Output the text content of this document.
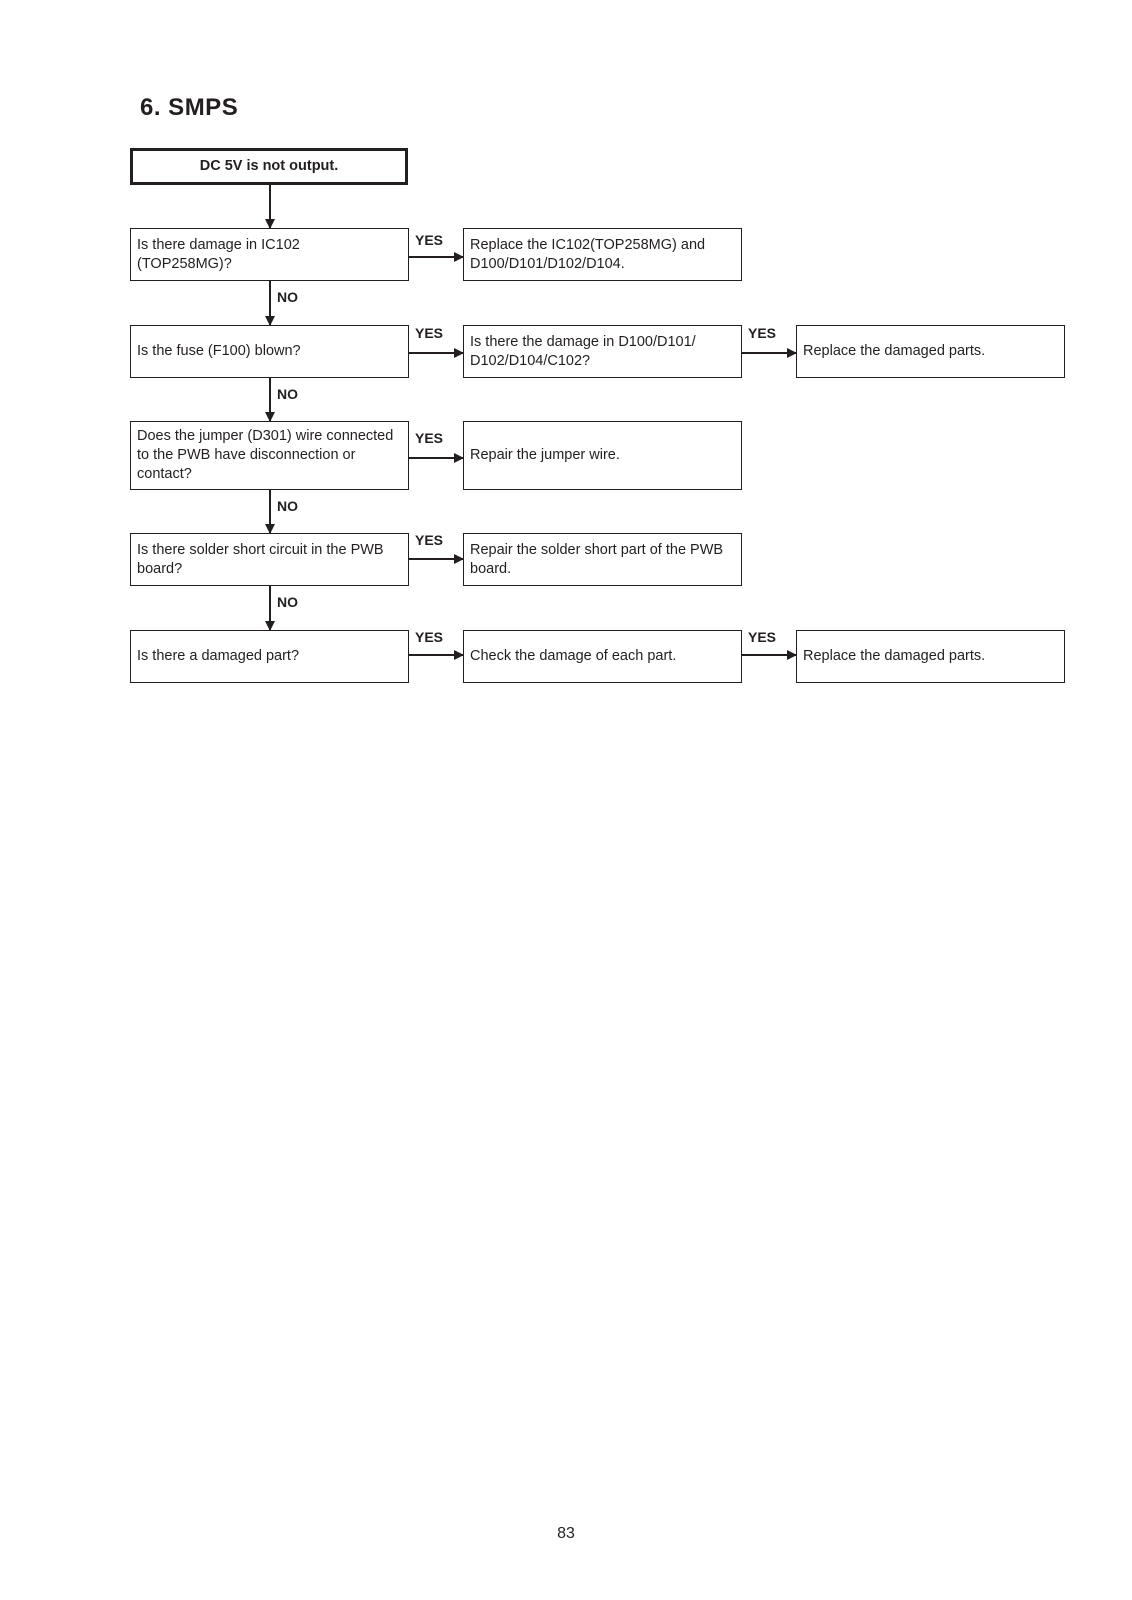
6. SMPS
DC 5V is not output.
Is there damage in IC102
(TOP258MG)?
Replace the IC102(TOP258MG) and
D100/D101/D102/D104.
YES
NO
Is the fuse (F100) blown?
Is there the damage in D100/D101/
D102/D104/C102?
Replace the damaged parts.
YES	YES
NO
Does the jumper (D301) wire connected
to the PWB have disconnection or
contact?
Repair the jumper wire.
YES
NO
Is there solder short circuit in the PWB
board?
Repair the solder short part of the PWB
board.
YES
NO
Is there a damaged part?	Check the damage of each part.	Replace the damaged parts.
YES	YES
83
